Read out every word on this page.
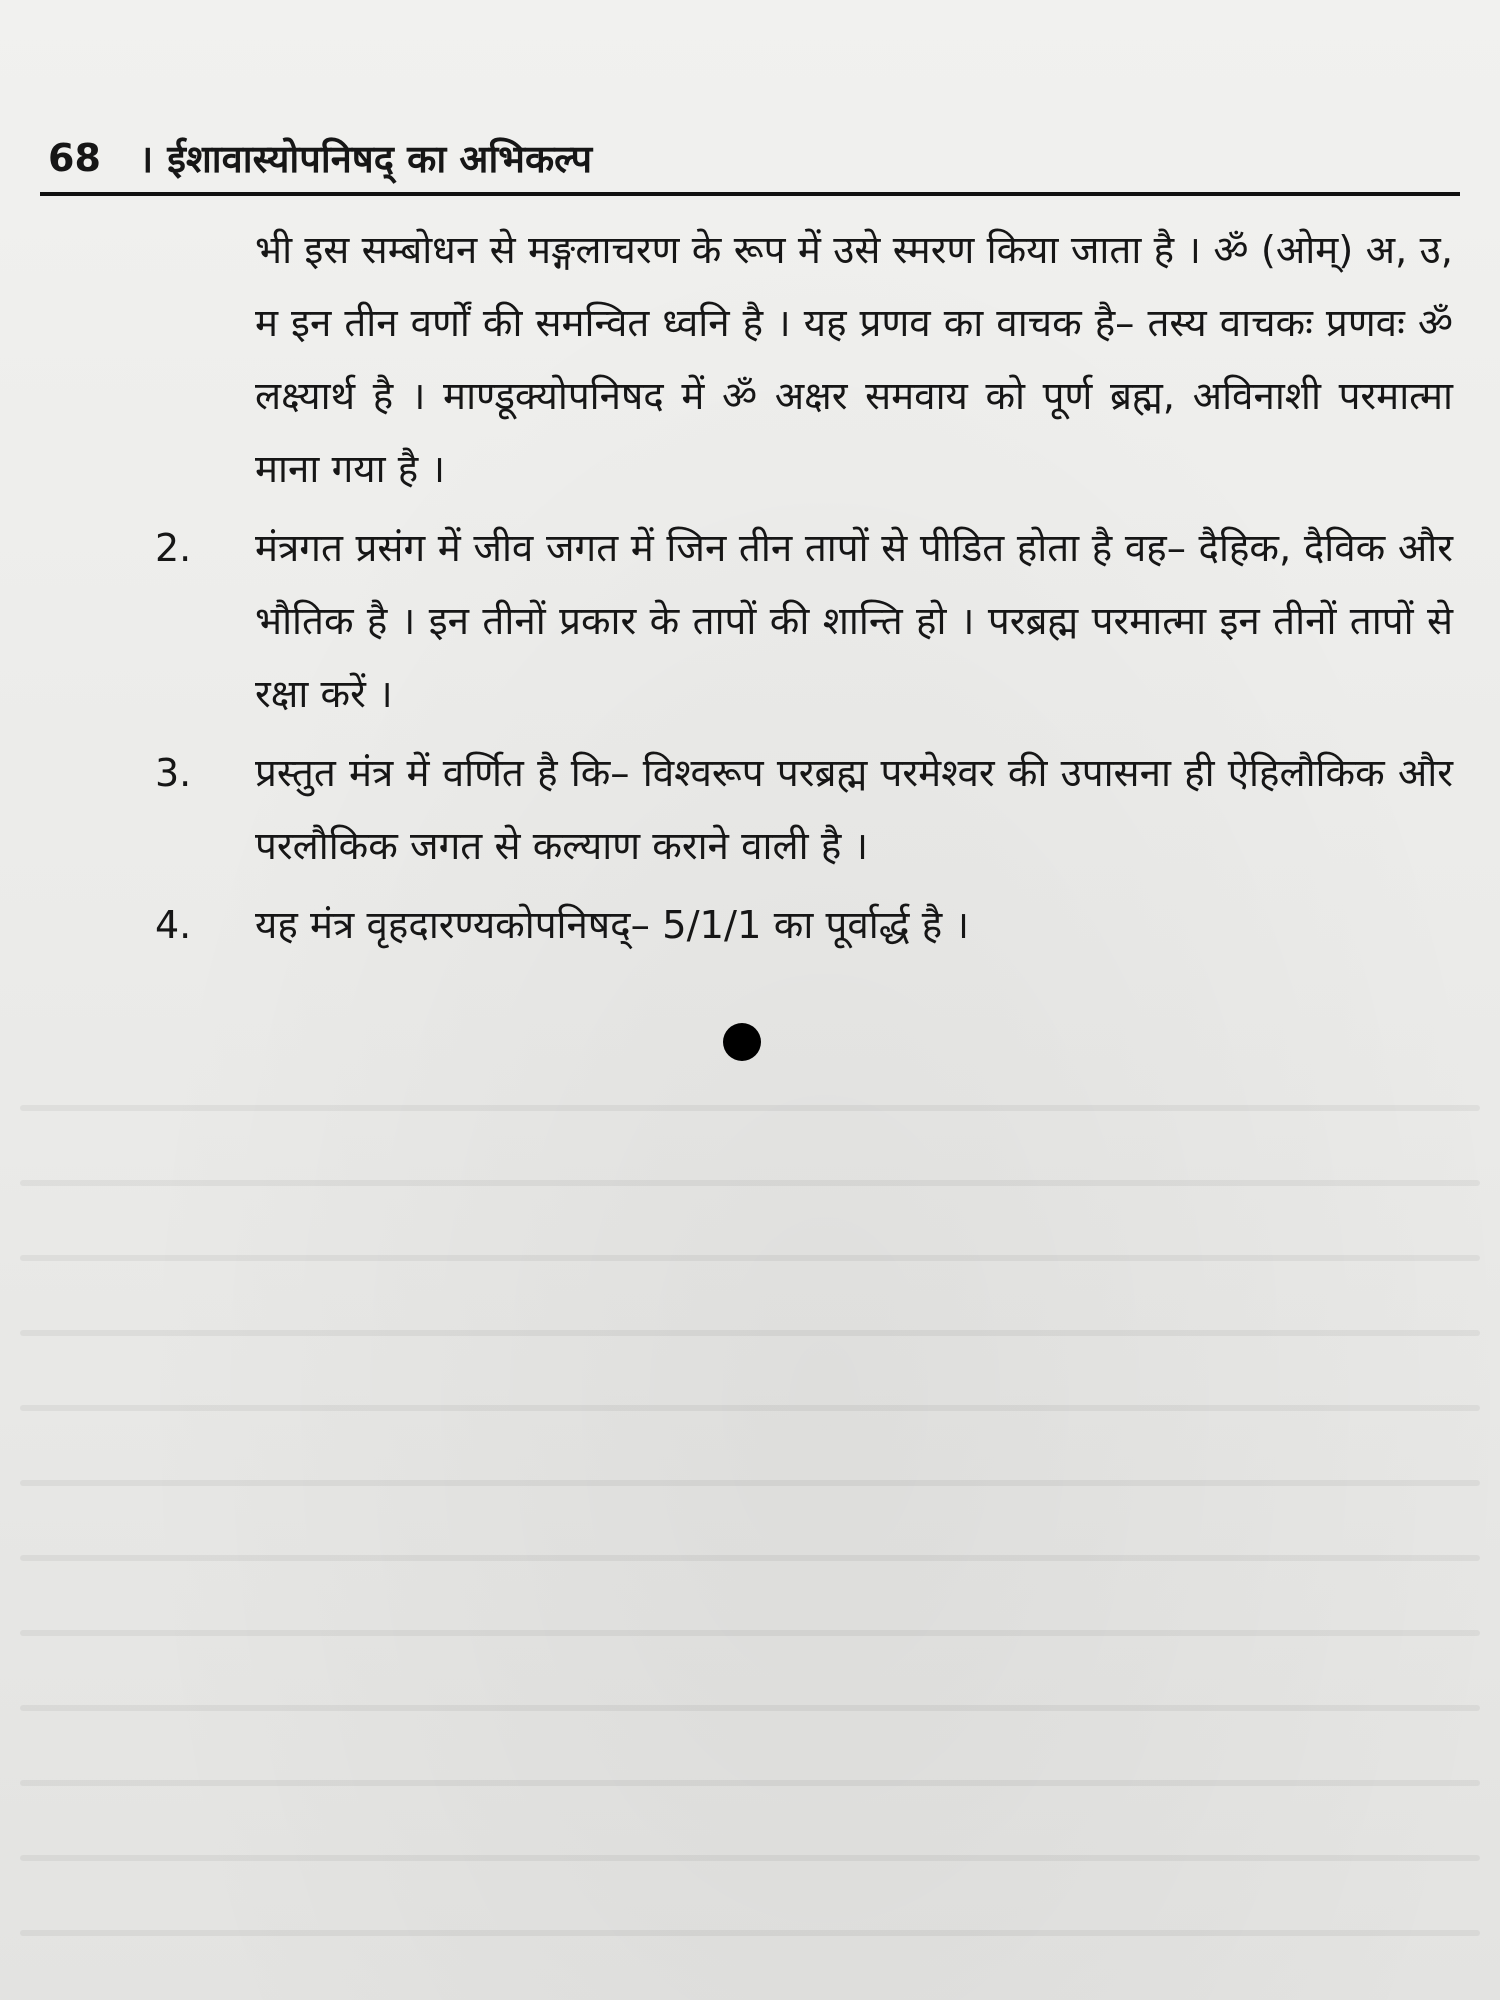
68 । ईशावास्योपनिषद् का अभिकल्प
भी इस सम्बोधन से मङ्गलाचरण के रूप में उसे स्मरण किया जाता है । ॐ (ओम्) अ, उ, म इन तीन वर्णों की समन्वित ध्वनि है । यह प्रणव का वाचक है– तस्य वाचकः प्रणवः ॐ लक्ष्यार्थ है । माण्डूक्योपनिषद में ॐ अक्षर समवाय को पूर्ण ब्रह्म, अविनाशी परमात्मा माना गया है ।
2.	मंत्रगत प्रसंग में जीव जगत में जिन तीन तापों से पीडित होता है वह– दैहिक, दैविक और भौतिक है । इन तीनों प्रकार के तापों की शान्ति हो । परब्रह्म परमात्मा इन तीनों तापों से रक्षा करें ।
3.	प्रस्तुत मंत्र में वर्णित है कि– विश्वरूप परब्रह्म परमेश्वर की उपासना ही ऐहिलौकिक और परलौकिक जगत से कल्याण कराने वाली है ।
4.	यह मंत्र वृहदारण्यकोपनिषद्– 5/1/1 का पूर्वार्द्ध है ।
